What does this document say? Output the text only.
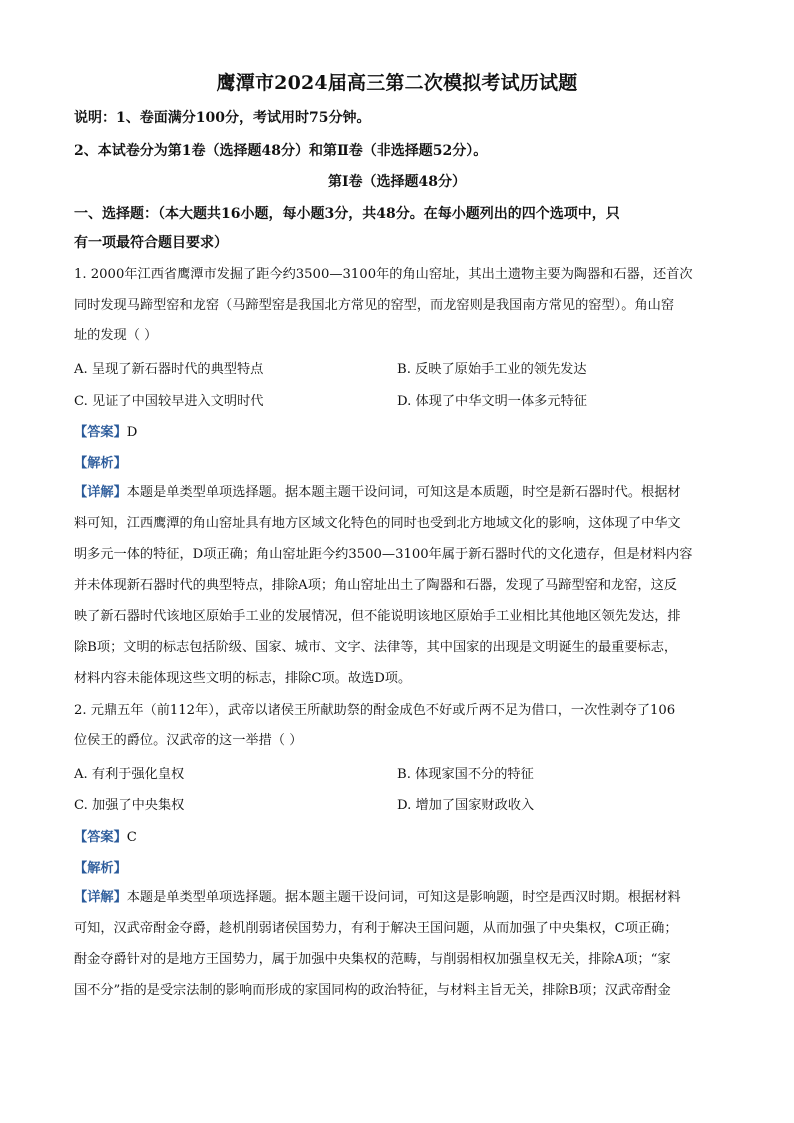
鹰潭市2024届高三第二次模拟考试历试题
说明：1、卷面满分100分，考试用时75分钟。
2、本试卷分为第1卷（选择题48分）和第Ⅱ卷（非选择题52分）。
第Ⅰ卷（选择题48分）
一、选择题：（本大题共16小题，每小题3分，共48分。在每小题列出的四个选项中，只
有一项最符合题目要求）
1. 2000年江西省鹰潭市发掘了距今约3500—3100年的角山窑址，其出土遗物主要为陶器和石器，还首次
同时发现马蹄型窑和龙窑（马蹄型窑是我国北方常见的窑型，而龙窑则是我国南方常见的窑型）。角山窑
址的发现（ ）
A. 呈现了新石器时代的典型特点	B. 反映了原始手工业的领先发达
C. 见证了中国较早进入文明时代	D. 体现了中华文明一体多元特征
【答案】D
【解析】
【详解】本题是单类型单项选择题。据本题主题干设问词，可知这是本质题，时空是新石器时代。根据材
料可知，江西鹰潭的角山窑址具有地方区域文化特色的同时也受到北方地域文化的影响，这体现了中华文
明多元一体的特征，D项正确；角山窑址距今约3500—3100年属于新石器时代的文化遗存，但是材料内容
并未体现新石器时代的典型特点，排除A项；角山窑址出土了陶器和石器，发现了马蹄型窑和龙窑，这反
映了新石器时代该地区原始手工业的发展情况，但不能说明该地区原始手工业相比其他地区领先发达，排
除B项；文明的标志包括阶级、国家、城市、文字、法律等，其中国家的出现是文明诞生的最重要标志，
材料内容未能体现这些文明的标志，排除C项。故选D项。
2. 元鼎五年（前112年），武帝以诸侯王所献助祭的酎金成色不好或斤两不足为借口，一次性剥夺了106
位侯王的爵位。汉武帝的这一举措（ ）
A. 有利于强化皇权	B. 体现家国不分的特征
C. 加强了中央集权	D. 增加了国家财政收入
【答案】C
【解析】
【详解】本题是单类型单项选择题。据本题主题干设问词，可知这是影响题，时空是西汉时期。根据材料
可知，汉武帝酎金夺爵，趁机削弱诸侯国势力，有利于解决王国问题，从而加强了中央集权，C项正确；
酎金夺爵针对的是地方王国势力，属于加强中央集权的范畴，与削弱相权加强皇权无关，排除A项；“家
国不分”指的是受宗法制的影响而形成的家国同构的政治特征，与材料主旨无关，排除B项；汉武帝酎金
